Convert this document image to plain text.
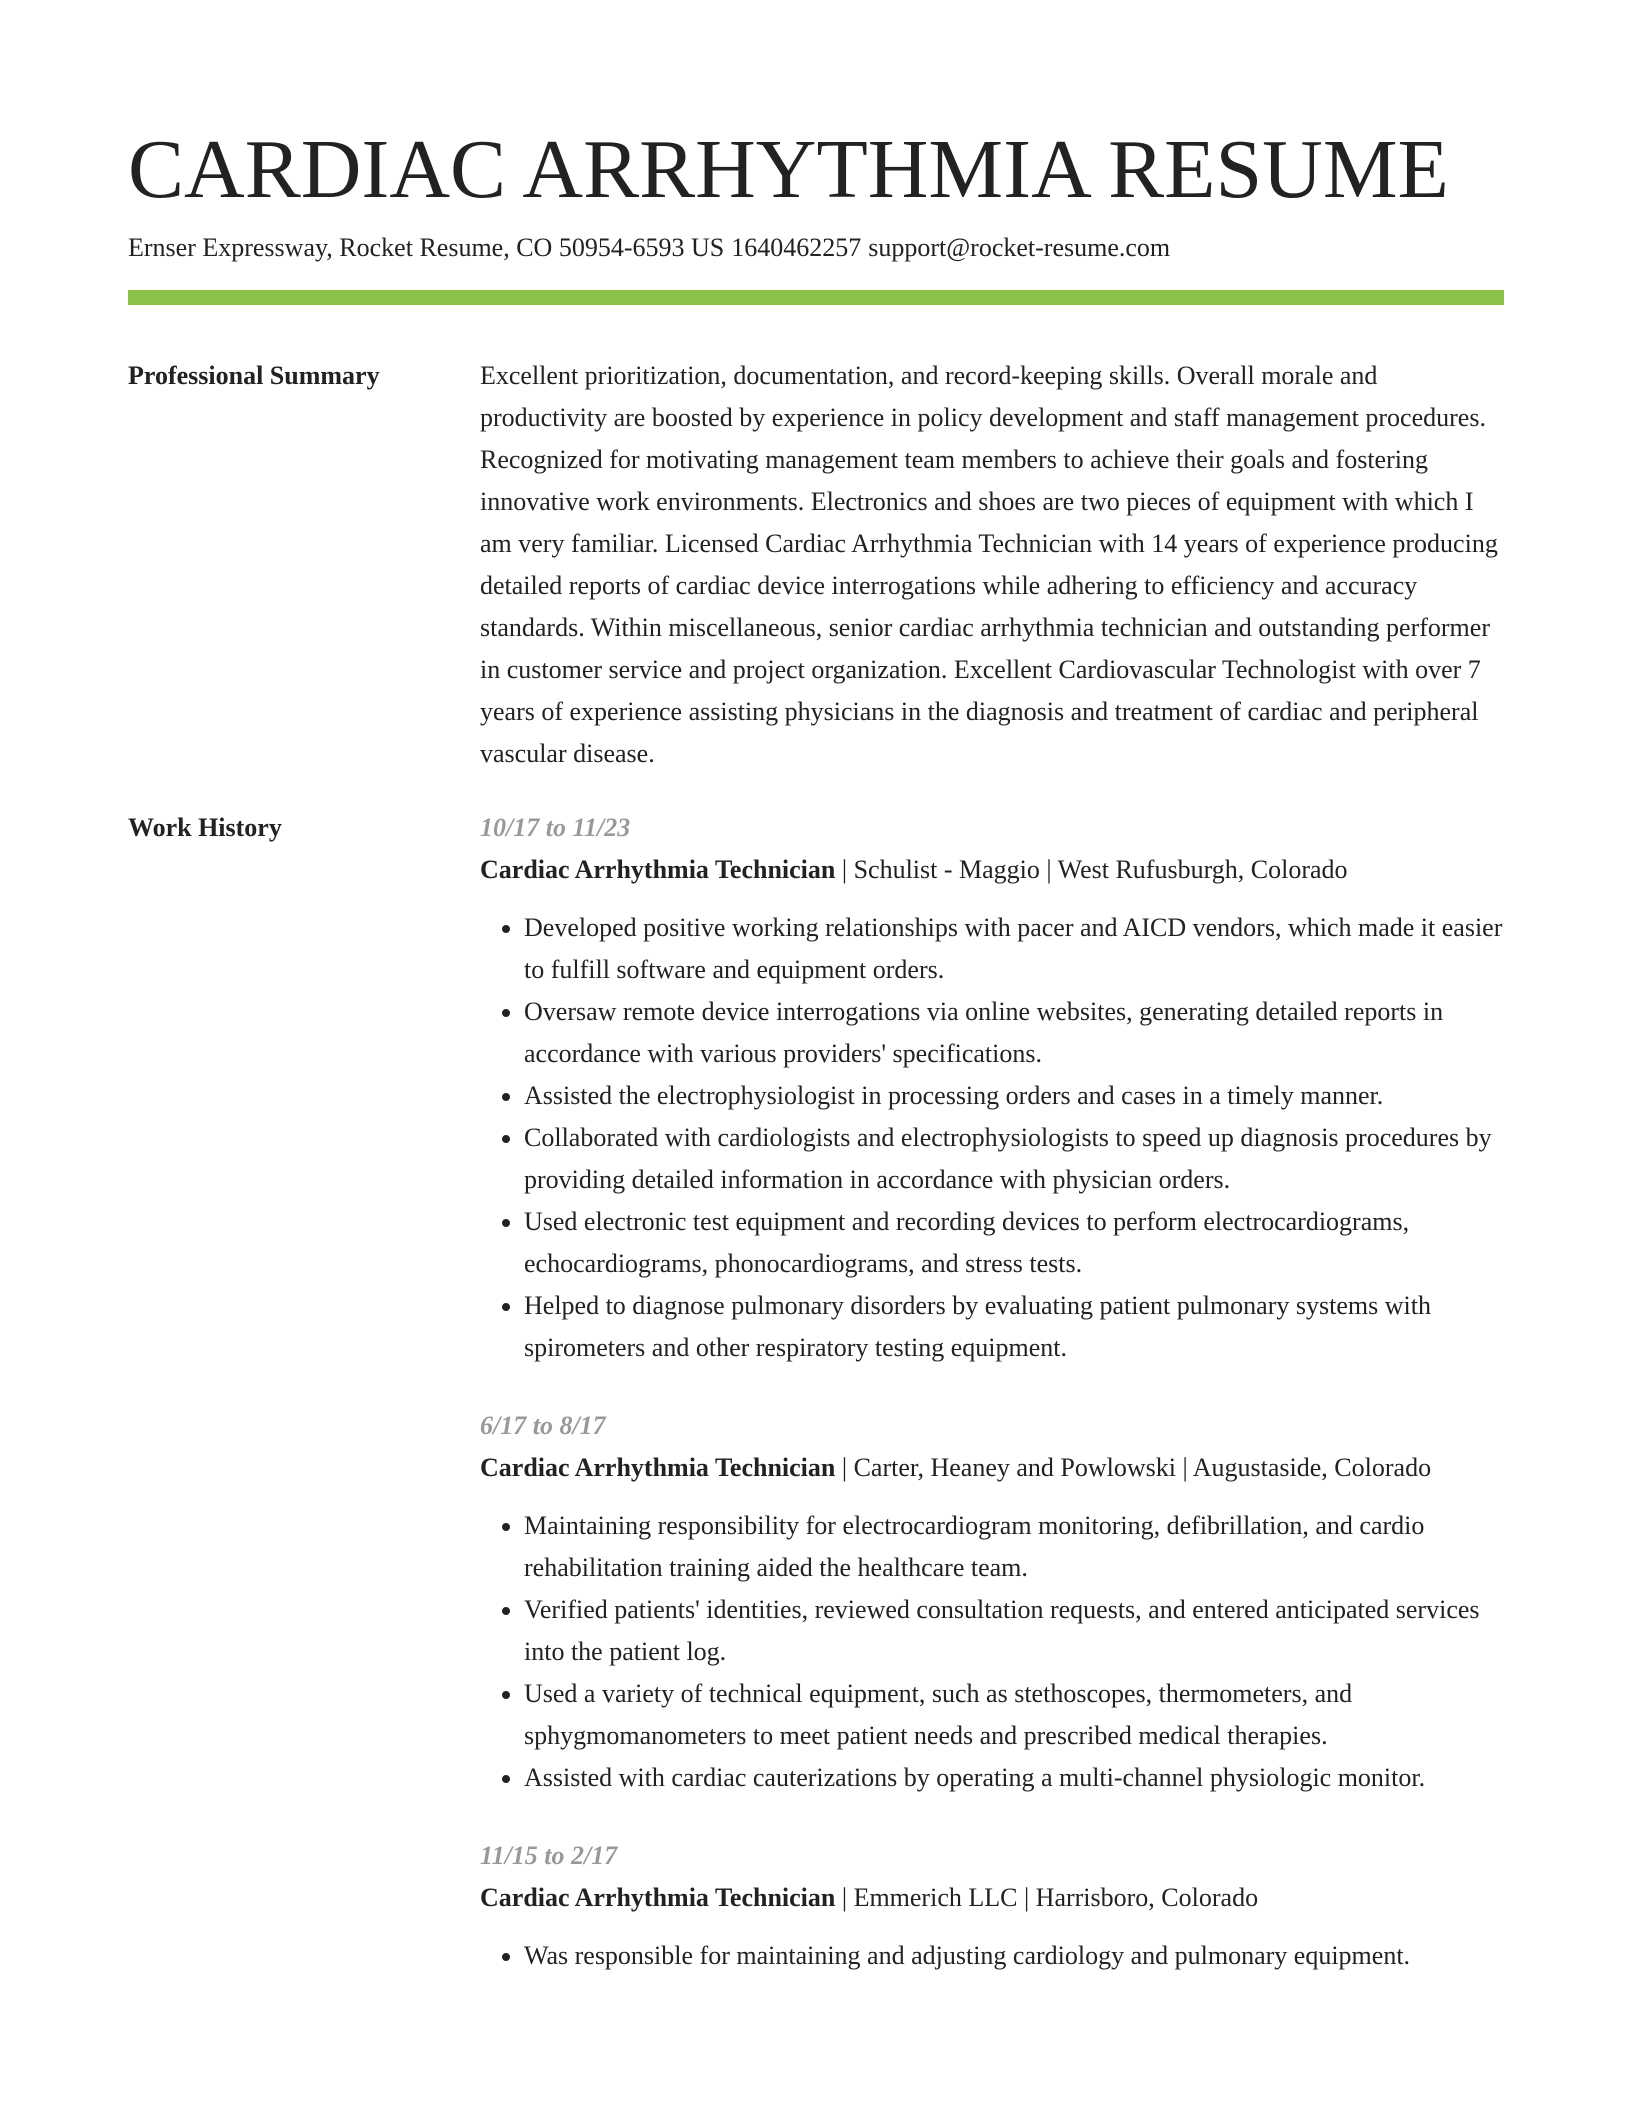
CARDIAC ARRHYTHMIA RESUME
Ernser Expressway, Rocket Resume, CO 50954-6593 US 1640462257 support@rocket-resume.com
Professional Summary	Excellent prioritization, documentation, and record-keeping skills. Overall morale and productivity are boosted by experience in policy development and staff management procedures. Recognized for motivating management team members to achieve their goals and fostering innovative work environments. Electronics and shoes are two pieces of equipment with which I am very familiar. Licensed Cardiac Arrhythmia Technician with 14 years of experience producing detailed reports of cardiac device interrogations while adhering to efficiency and accuracy standards. Within miscellaneous, senior cardiac arrhythmia technician and outstanding performer in customer service and project organization. Excellent Cardiovascular Technologist with over 7 years of experience assisting physicians in the diagnosis and treatment of cardiac and peripheral vascular disease.
Work History	10/17 to 11/23
Cardiac Arrhythmia Technician | Schulist - Maggio | West Rufusburgh, Colorado
• Developed positive working relationships with pacer and AICD vendors, which made it easier to fulfill software and equipment orders.
• Oversaw remote device interrogations via online websites, generating detailed reports in accordance with various providers' specifications.
• Assisted the electrophysiologist in processing orders and cases in a timely manner.
• Collaborated with cardiologists and electrophysiologists to speed up diagnosis procedures by providing detailed information in accordance with physician orders.
• Used electronic test equipment and recording devices to perform electrocardiograms, echocardiograms, phonocardiograms, and stress tests.
• Helped to diagnose pulmonary disorders by evaluating patient pulmonary systems with spirometers and other respiratory testing equipment.
6/17 to 8/17
Cardiac Arrhythmia Technician | Carter, Heaney and Powlowski | Augustaside, Colorado
• Maintaining responsibility for electrocardiogram monitoring, defibrillation, and cardio rehabilitation training aided the healthcare team.
• Verified patients' identities, reviewed consultation requests, and entered anticipated services into the patient log.
• Used a variety of technical equipment, such as stethoscopes, thermometers, and sphygmomanometers to meet patient needs and prescribed medical therapies.
• Assisted with cardiac cauterizations by operating a multi-channel physiologic monitor.
11/15 to 2/17
Cardiac Arrhythmia Technician | Emmerich LLC | Harrisboro, Colorado
• Was responsible for maintaining and adjusting cardiology and pulmonary equipment.
